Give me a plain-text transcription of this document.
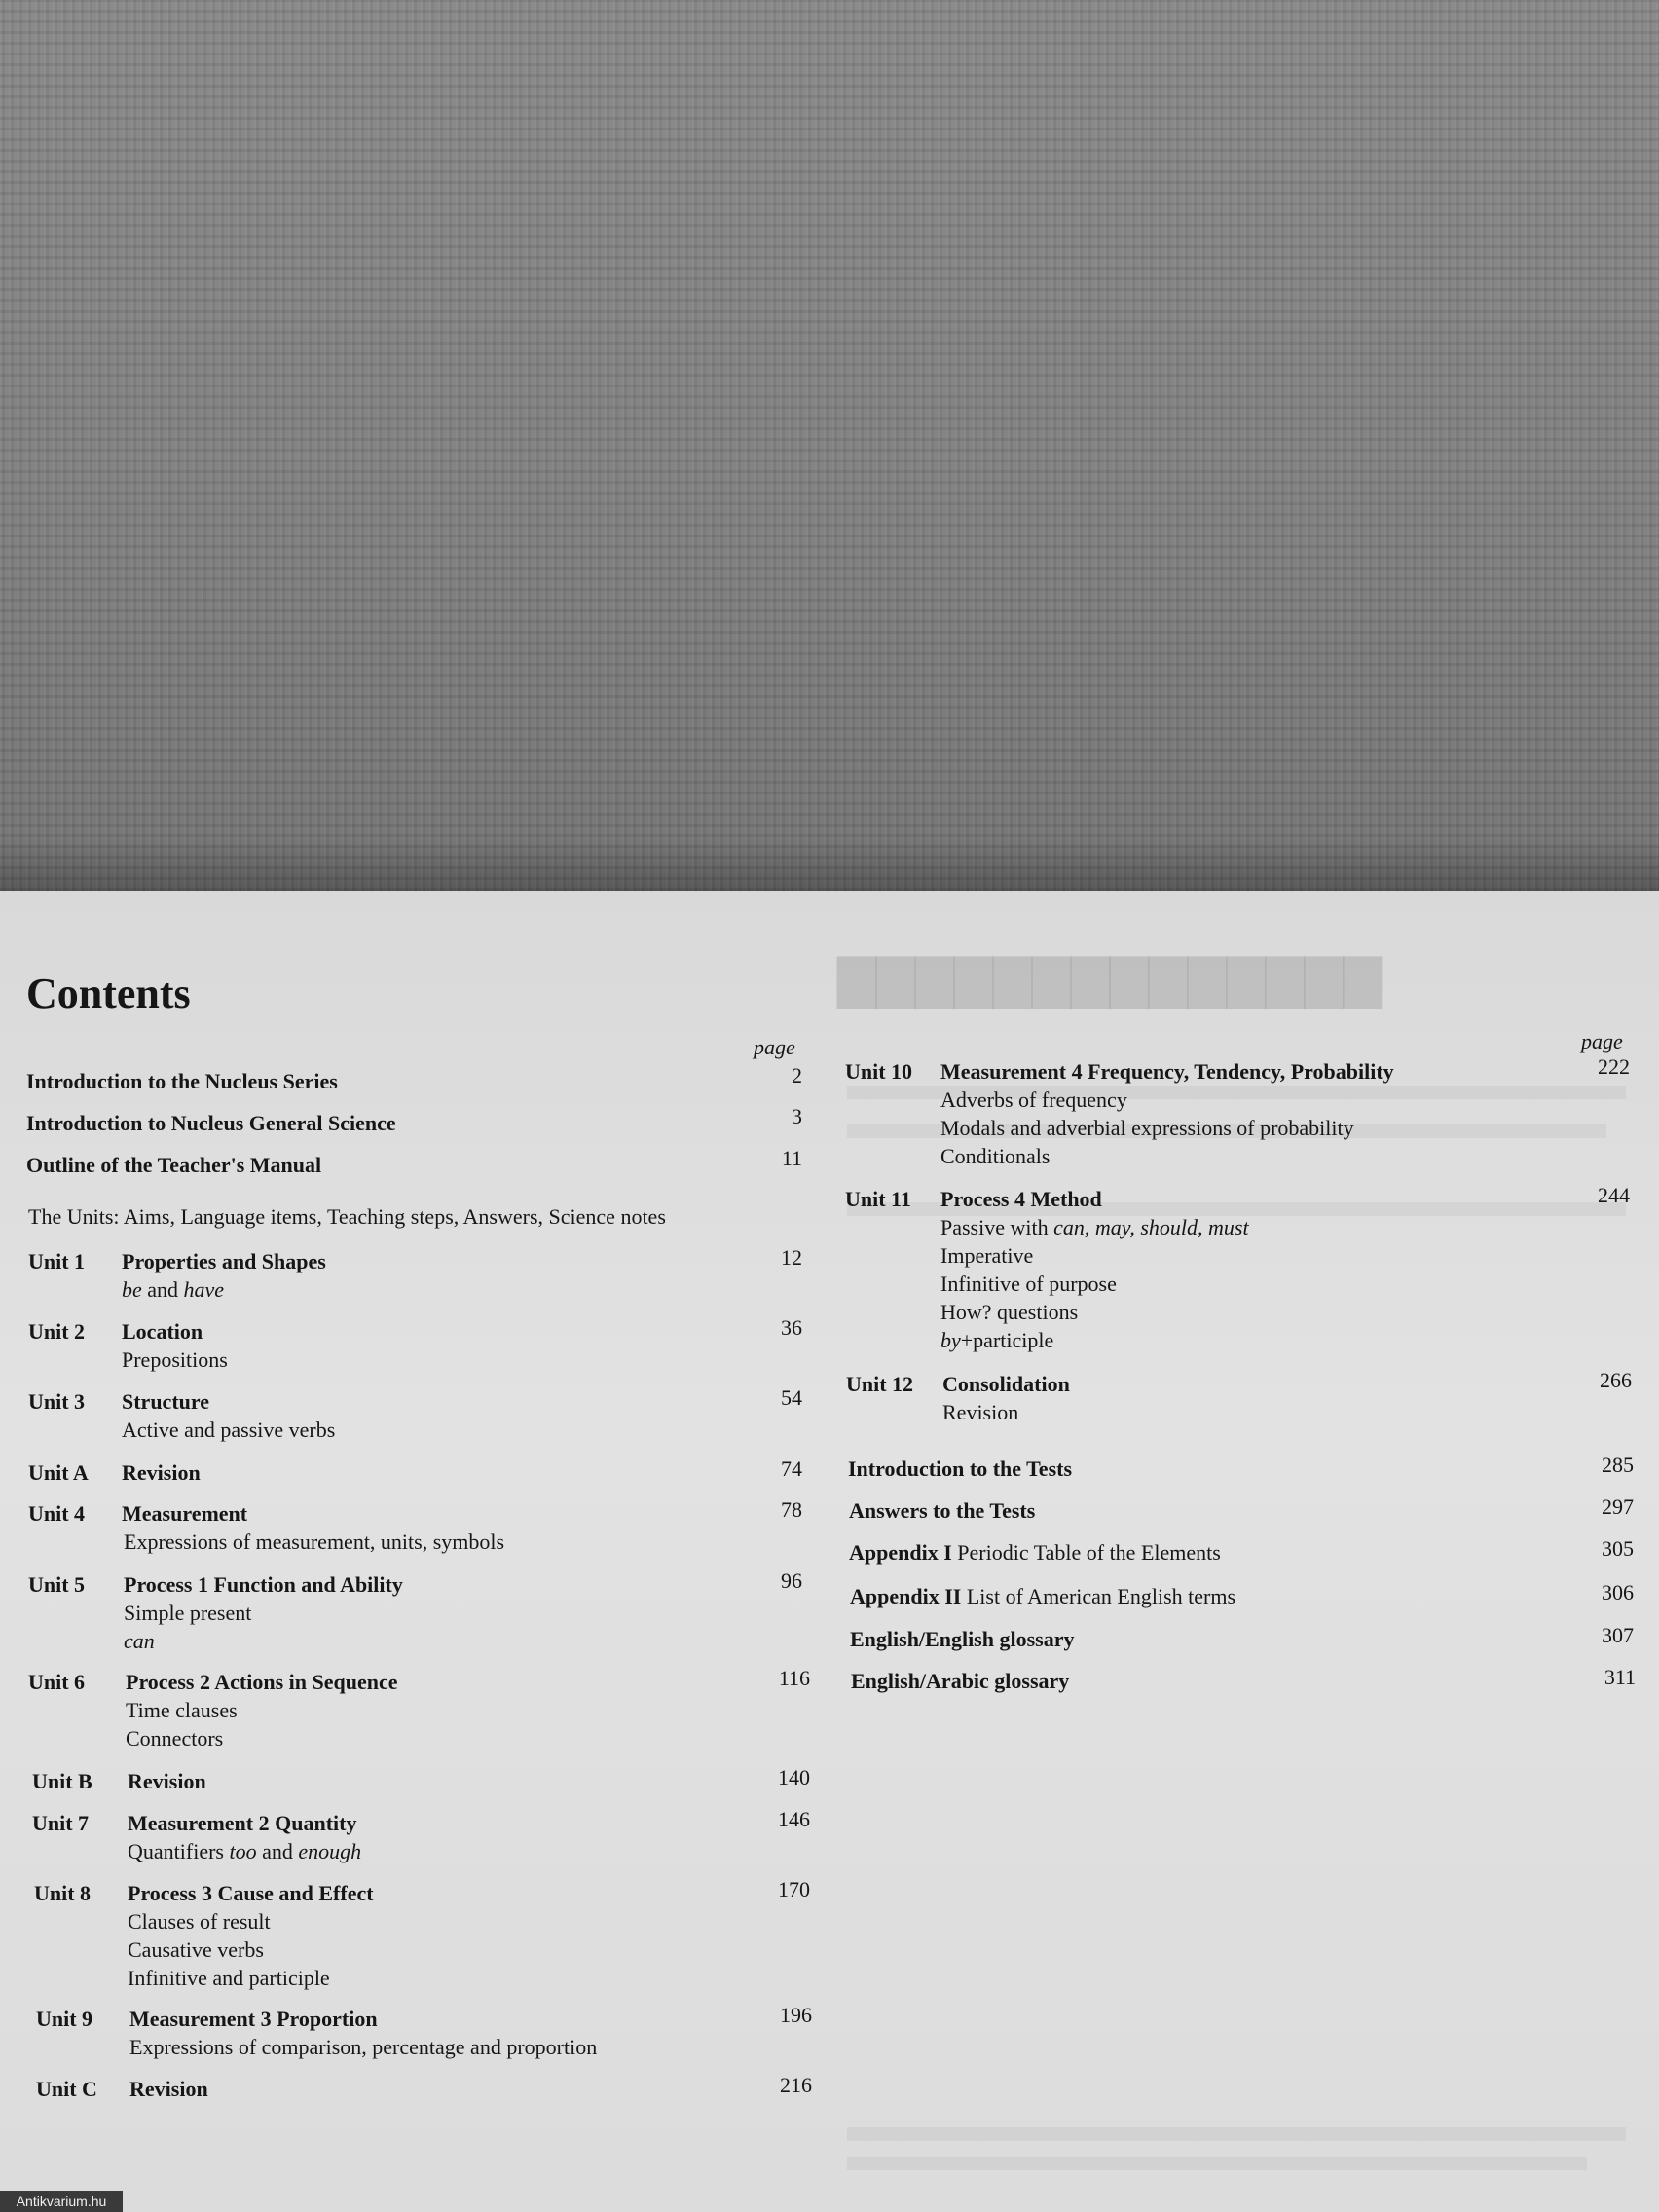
▇▇▇▇▇▇▇▇▇▇▇▇▇▇
Contents
page
Introduction to the Nucleus Series	2
Introduction to Nucleus General Science	3
Outline of the Teacher's Manual	11
The Units: Aims, Language items, Teaching steps, Answers, Science notes
Unit 1 Properties and Shapes	12
be and have
Unit 2 Location	36
Prepositions
Unit 3 Structure	54
Active and passive verbs
Unit A Revision	74
Unit 4 Measurement	78
Expressions of measurement, units, symbols
Unit 5 Process 1 Function and Ability	96
Simple present
can
Unit 6 Process 2 Actions in Sequence	116
Time clauses
Connectors
Unit B Revision	140
Unit 7 Measurement 2 Quantity	146
Quantifiers too and enough
Unit 8 Process 3 Cause and Effect	170
Clauses of result
Causative verbs
Infinitive and participle
Unit 9 Measurement 3 Proportion	196
Expressions of comparison, percentage and proportion
Unit C Revision	216
page
Unit 10 Measurement 4 Frequency, Tendency, Probability	222
Adverbs of frequency
Modals and adverbial expressions of probability
Conditionals
Unit 11 Process 4 Method	244
Passive with can, may, should, must
Imperative
Infinitive of purpose
How? questions
by+participle
Unit 12 Consolidation	266
Revision
Introduction to the Tests	285
Answers to the Tests	297
Appendix I Periodic Table of the Elements	305
Appendix II List of American English terms	306
English/English glossary	307
English/Arabic glossary	311
Antikvarium.hu
